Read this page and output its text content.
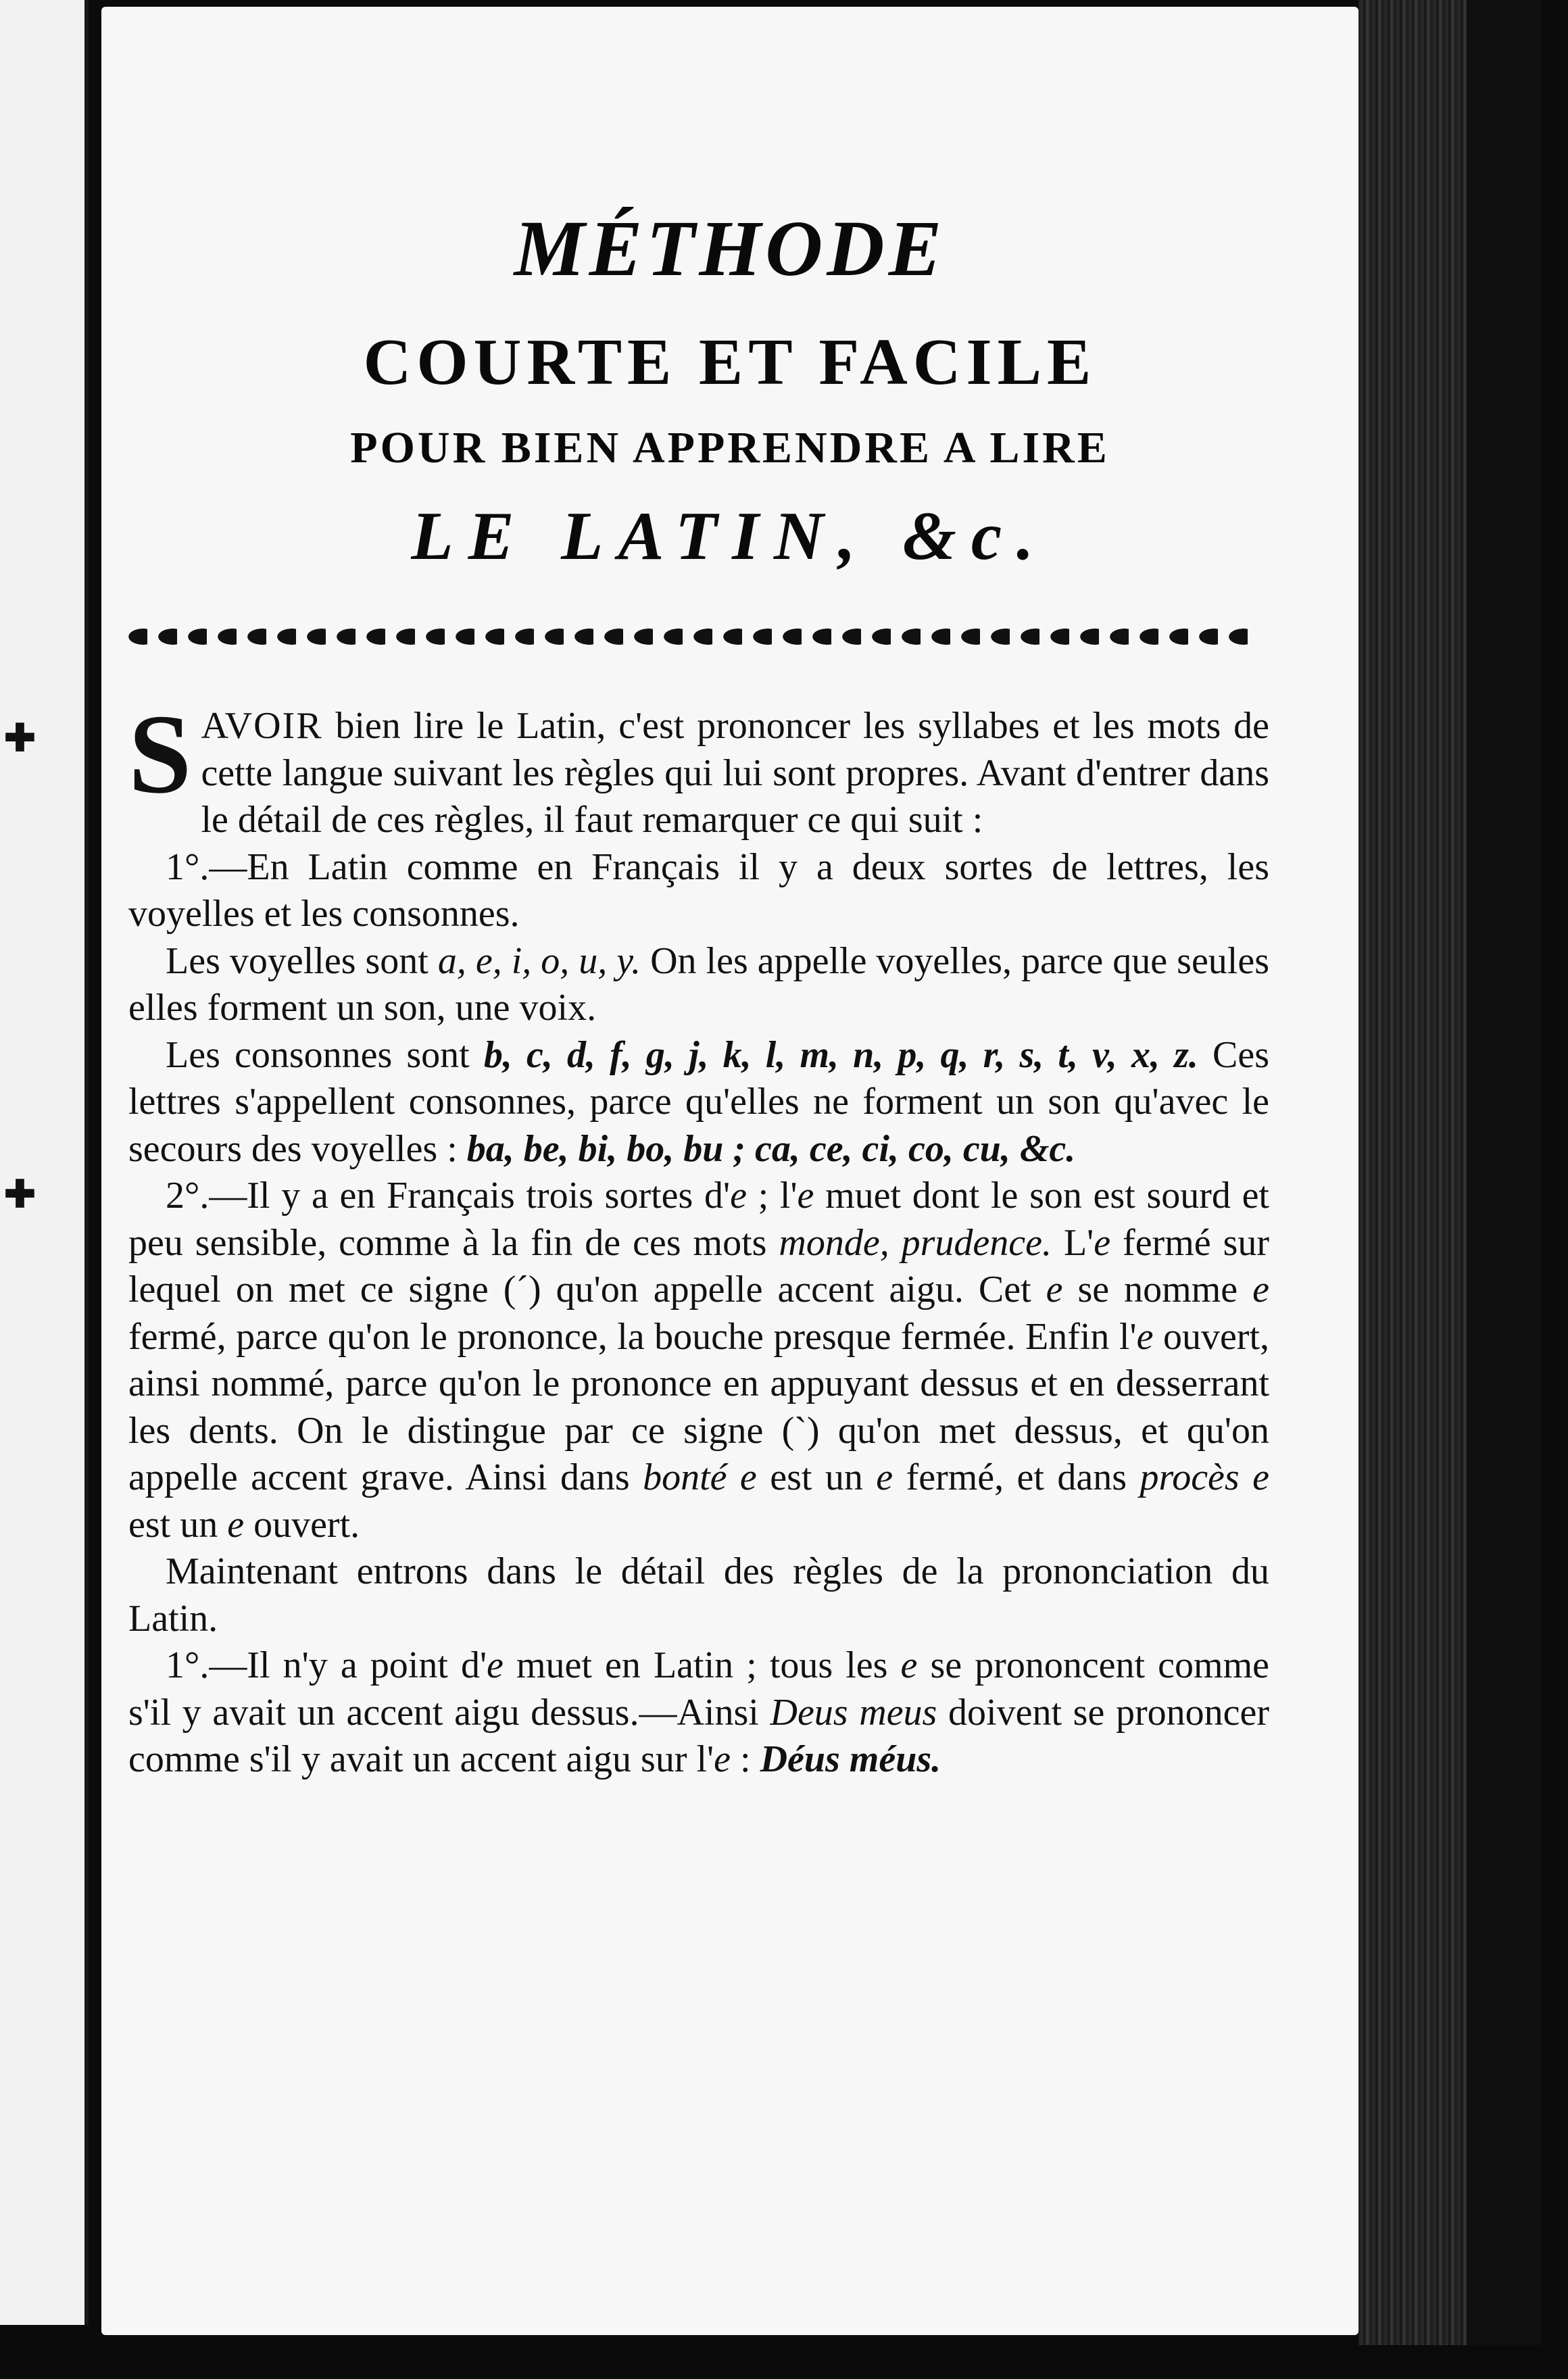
✚
✚
MÉTHODE
COURTE ET FACILE
POUR BIEN APPRENDRE A LIRE
LE LATIN, &c.

SAVOIR bien lire le Latin, c'est prononcer les syllabes et les mots de cette langue suivant les règles qui lui sont propres. Avant d'entrer dans le détail de ces règles, il faut remarquer ce qui suit :

1°.—En Latin comme en Français il y a deux sortes de lettres, les voyelles et les consonnes.

Les voyelles sont a, e, i, o, u, y. On les appelle voyelles, parce que seules elles forment un son, une voix.

Les consonnes sont b, c, d, f, g, j, k, l, m, n, p, q, r, s, t, v, x, z. Ces lettres s'appellent consonnes, parce qu'elles ne forment un son qu'avec le secours des voyelles : ba, be, bi, bo, bu ; ca, ce, ci, co, cu, &c.

2°.—Il y a en Français trois sortes d'e ; l'e muet dont le son est sourd et peu sensible, comme à la fin de ces mots monde, prudence. L'e fermé sur lequel on met ce signe (´) qu'on appelle accent aigu. Cet e se nomme e fermé, parce qu'on le prononce, la bouche presque fermée. Enfin l'e ouvert, ainsi nommé, parce qu'on le prononce en appuyant dessus et en desserrant les dents. On le distingue par ce signe (`) qu'on met dessus, et qu'on appelle accent grave. Ainsi dans bonté e est un e fermé, et dans procès e est un e ouvert.

Maintenant entrons dans le détail des règles de la prononciation du Latin.

1°.—Il n'y a point d'e muet en Latin ; tous les e se prononcent comme s'il y avait un accent aigu dessus.—Ainsi Deus meus doivent se prononcer comme s'il y avait un accent aigu sur l'e : Déus méus.
